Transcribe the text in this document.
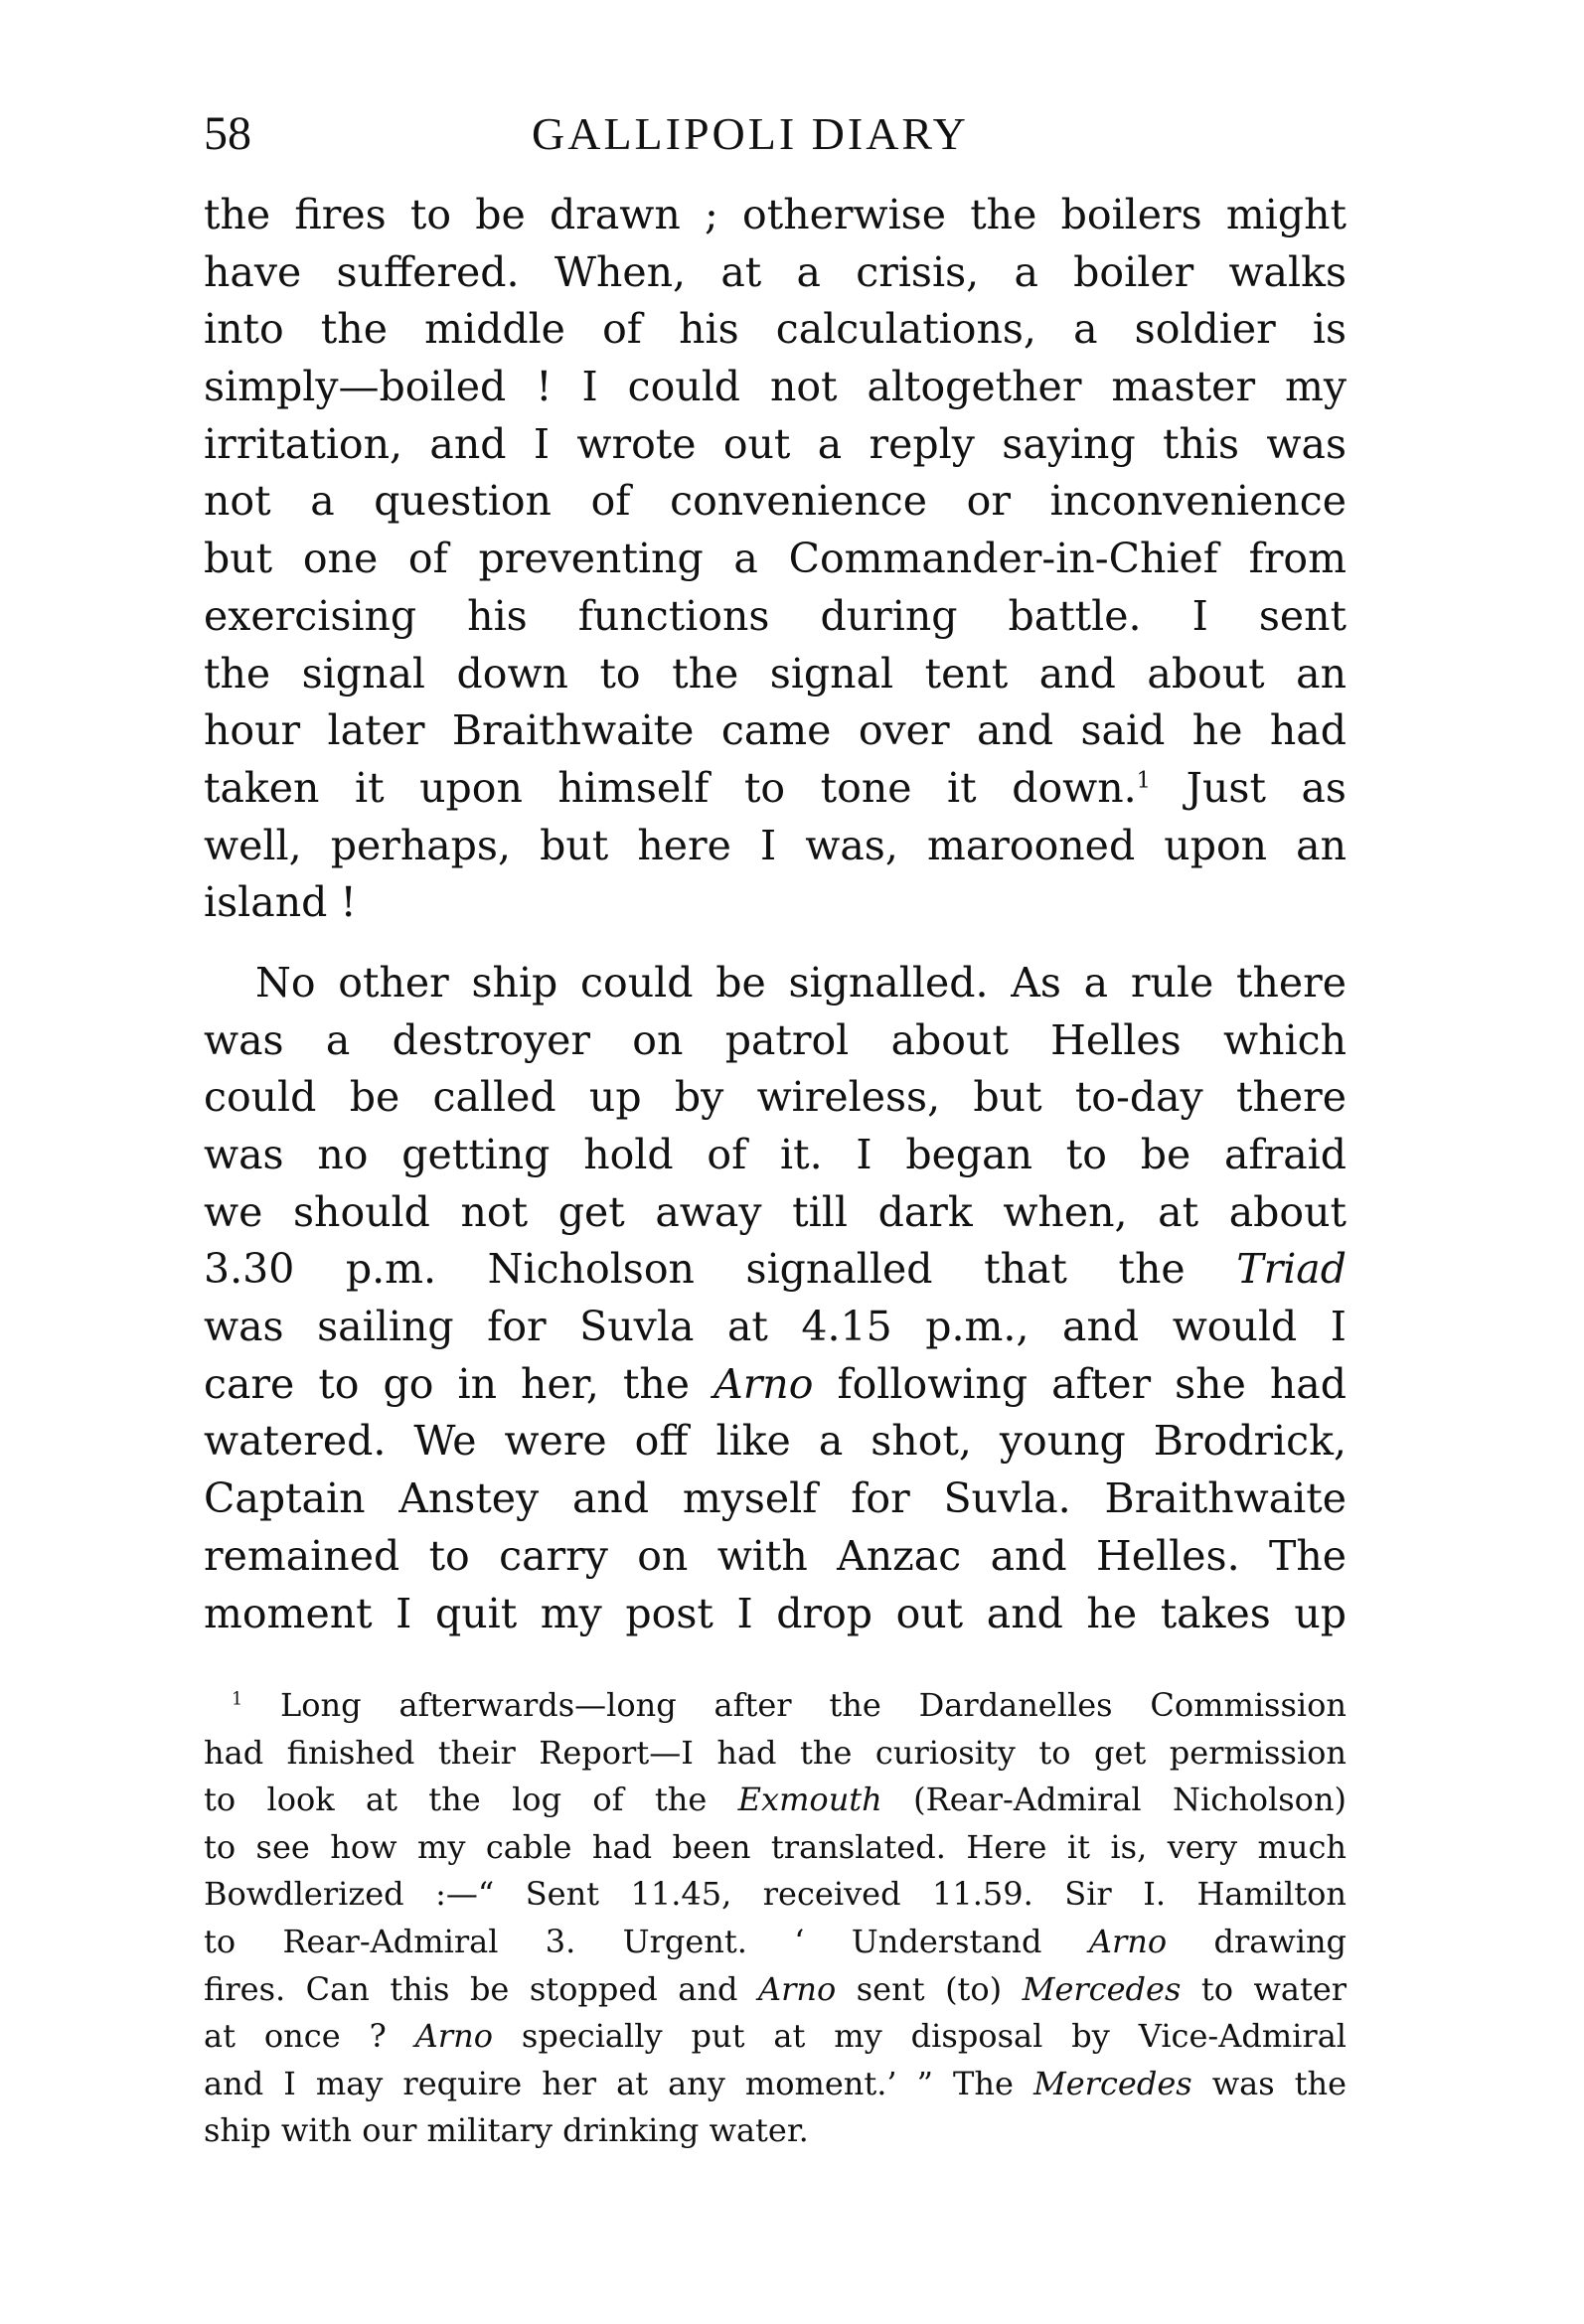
58	GALLIPOLI DIARY
the fires to be drawn ; otherwise the boilers might
have suffered. When, at a crisis, a boiler walks
into the middle of his calculations, a soldier is
simply—boiled ! I could not altogether master my
irritation, and I wrote out a reply saying this was
not a question of convenience or inconvenience
but one of preventing a Commander-in-Chief from
exercising his functions during battle. I sent
the signal down to the signal tent and about an
hour later Braithwaite came over and said he had
taken it upon himself to tone it down.$^1$ Just as
well, perhaps, but here I was, marooned upon an
island !
No other ship could be signalled. As a rule there
was a destroyer on patrol about Helles which
could be called up by wireless, but to-day there
was no getting hold of it. I began to be afraid
we should not get away till dark when, at about
3.30 p.m. Nicholson signalled that the Triad
was sailing for Suvla at 4.15 p.m., and would I
care to go in her, the Arno following after she had
watered. We were off like a shot, young Brodrick,
Captain Anstey and myself for Suvla. Braithwaite
remained to carry on with Anzac and Helles. The
moment I quit my post I drop out and he takes up
$^1$ Long afterwards—long after the Dardanelles Commission
had finished their Report—I had the curiosity to get permission
to look at the log of the Exmouth (Rear-Admiral Nicholson)
to see how my cable had been translated. Here it is, very much
Bowdlerized :—“ Sent 11.45, received 11.59. Sir I. Hamilton
to Rear-Admiral 3. Urgent. ‘ Understand Arno drawing
fires. Can this be stopped and Arno sent (to) Mercedes to water
at once ? Arno specially put at my disposal by Vice-Admiral
and I may require her at any moment.’ ” The Mercedes was the
ship with our military drinking water.
